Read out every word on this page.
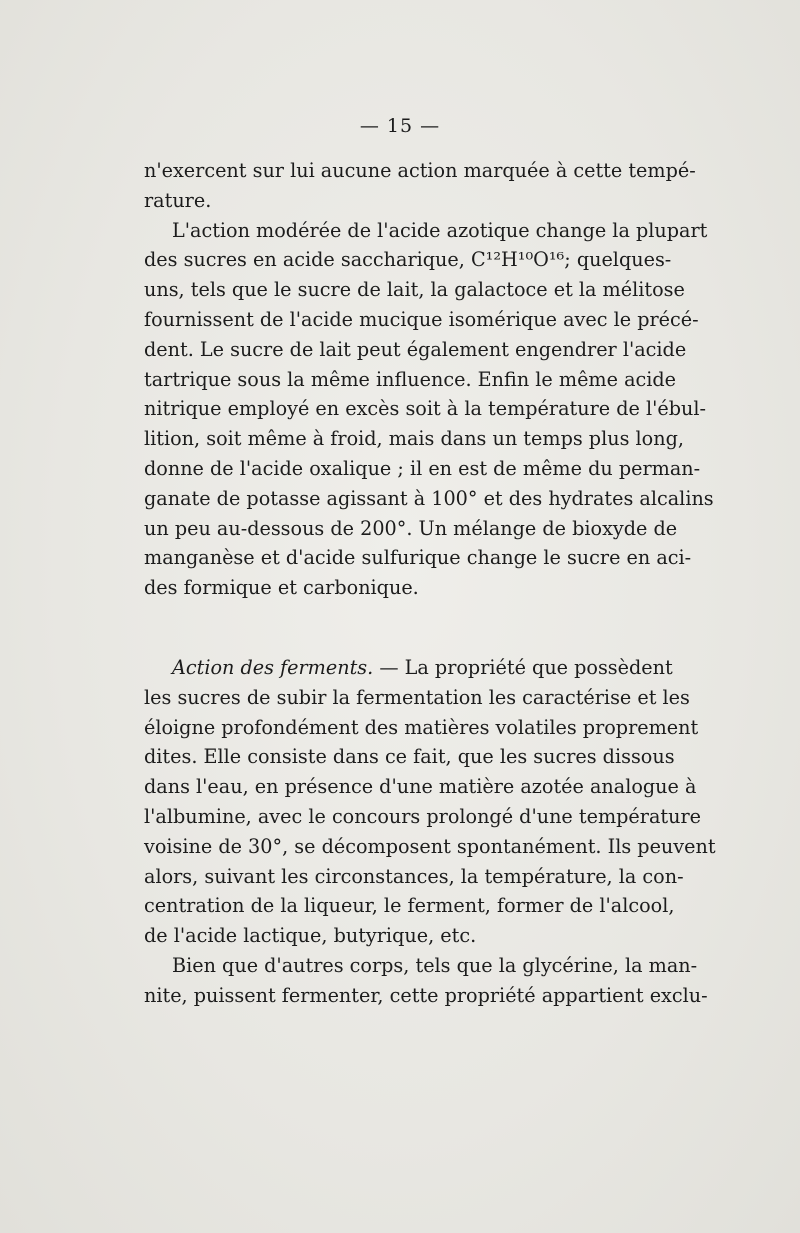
— 15 —
n'exercent sur lui aucune action marquée à cette tempé-
rature.
L'action modérée de l'acide azotique change la plupart
des sucres en acide saccharique, C¹²H¹⁰O¹⁶; quelques-
uns, tels que le sucre de lait, la galactoce et la mélitose
fournissent de l'acide mucique isomérique avec le précé-
dent. Le sucre de lait peut également engendrer l'acide
tartrique sous la même influence. Enfin le même acide
nitrique employé en excès soit à la température de l'ébul-
lition, soit même à froid, mais dans un temps plus long,
donne de l'acide oxalique ; il en est de même du perman-
ganate de potasse agissant à 100° et des hydrates alcalins
un peu au-dessous de 200°. Un mélange de bioxyde de
manganèse et d'acide sulfurique change le sucre en aci-
des formique et carbonique.
Action des ferments. — La propriété que possèdent
les sucres de subir la fermentation les caractérise et les
éloigne profondément des matières volatiles proprement
dites. Elle consiste dans ce fait, que les sucres dissous
dans l'eau, en présence d'une matière azotée analogue à
l'albumine, avec le concours prolongé d'une température
voisine de 30°, se décomposent spontanément. Ils peuvent
alors, suivant les circonstances, la température, la con-
centration de la liqueur, le ferment, former de l'alcool,
de l'acide lactique, butyrique, etc.
Bien que d'autres corps, tels que la glycérine, la man-
nite, puissent fermenter, cette propriété appartient exclu-
